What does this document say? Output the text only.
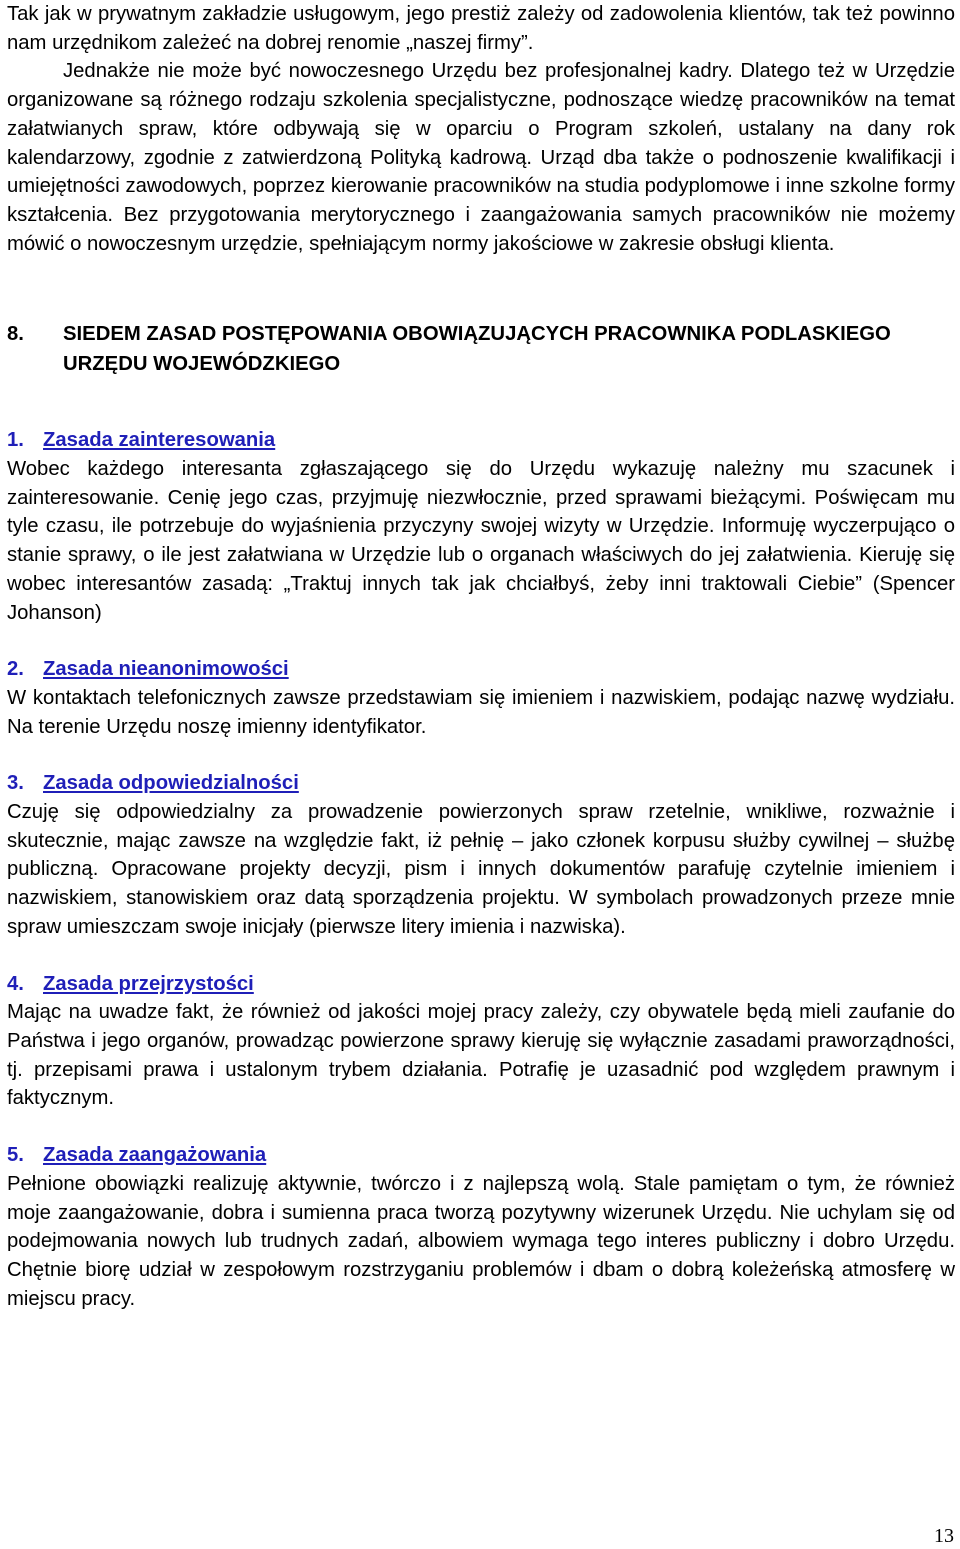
Tak jak w prywatnym zakładzie usługowym, jego prestiż zależy od zadowolenia klientów, tak też powinno nam urzędnikom zależeć na dobrej renomie „naszej firmy”.

Jednakże nie może być nowoczesnego Urzędu bez profesjonalnej kadry. Dlatego też w Urzędzie organizowane są różnego rodzaju szkolenia specjalistyczne, podnoszące wiedzę pracowników na temat załatwianych spraw, które odbywają się w oparciu o Program szkoleń, ustalany na dany rok kalendarzowy, zgodnie z zatwierdzoną Polityką kadrową. Urząd dba także o podnoszenie kwalifikacji i umiejętności zawodowych, poprzez kierowanie pracowników na studia podyplomowe i inne szkolne formy kształcenia. Bez przygotowania merytorycznego i zaangażowania samych pracowników nie możemy mówić o nowoczesnym urzędzie, spełniającym normy jakościowe w zakresie obsługi klienta.

8.	SIEDEM ZASAD POSTĘPOWANIA OBOWIĄZUJĄCYCH PRACOWNIKA PODLASKIEGO URZĘDU WOJEWÓDZKIEGO
1. Zasada zainteresowania

Wobec każdego interesanta zgłaszającego się do Urzędu wykazuję należny mu szacunek i zainteresowanie. Cenię jego czas, przyjmuję niezwłocznie, przed sprawami bieżącymi. Poświęcam mu tyle czasu, ile potrzebuje do wyjaśnienia przyczyny swojej wizyty w Urzędzie. Informuję wyczerpująco o stanie sprawy, o ile jest załatwiana w Urzędzie lub o organach właściwych do jej załatwienia. Kieruję się wobec interesantów zasadą: „Traktuj innych tak jak chciałbyś, żeby inni traktowali Ciebie” (Spencer Johanson)

2. Zasada nieanonimowości

W kontaktach telefonicznych zawsze przedstawiam się imieniem i nazwiskiem, podając nazwę wydziału. Na terenie Urzędu noszę imienny identyfikator.

3. Zasada odpowiedzialności

Czuję się odpowiedzialny za prowadzenie powierzonych spraw rzetelnie, wnikliwe, rozważnie i skutecznie, mając zawsze na względzie fakt, iż pełnię – jako członek korpusu służby cywilnej – służbę publiczną. Opracowane projekty decyzji, pism i innych dokumentów parafuję czytelnie imieniem i nazwiskiem, stanowiskiem oraz datą sporządzenia projektu. W symbolach prowadzonych przeze mnie spraw umieszczam swoje inicjały (pierwsze litery imienia i nazwiska).

4. Zasada przejrzystości

Mając na uwadze fakt, że również od jakości mojej pracy zależy, czy obywatele będą mieli zaufanie do Państwa i jego organów, prowadząc powierzone sprawy kieruję się wyłącznie zasadami praworządności, tj. przepisami prawa i ustalonym trybem działania. Potrafię je uzasadnić pod względem prawnym i faktycznym.

5. Zasada zaangażowania

Pełnione obowiązki realizuję aktywnie, twórczo i z najlepszą wolą. Stale pamiętam o tym, że również moje zaangażowanie, dobra i sumienna praca tworzą pozytywny wizerunek Urzędu. Nie uchylam się od podejmowania nowych lub trudnych zadań, albowiem wymaga tego interes publiczny i dobro Urzędu. Chętnie biorę udział w zespołowym rozstrzyganiu problemów i dbam o dobrą koleżeńską atmosferę w miejscu pracy.

13
